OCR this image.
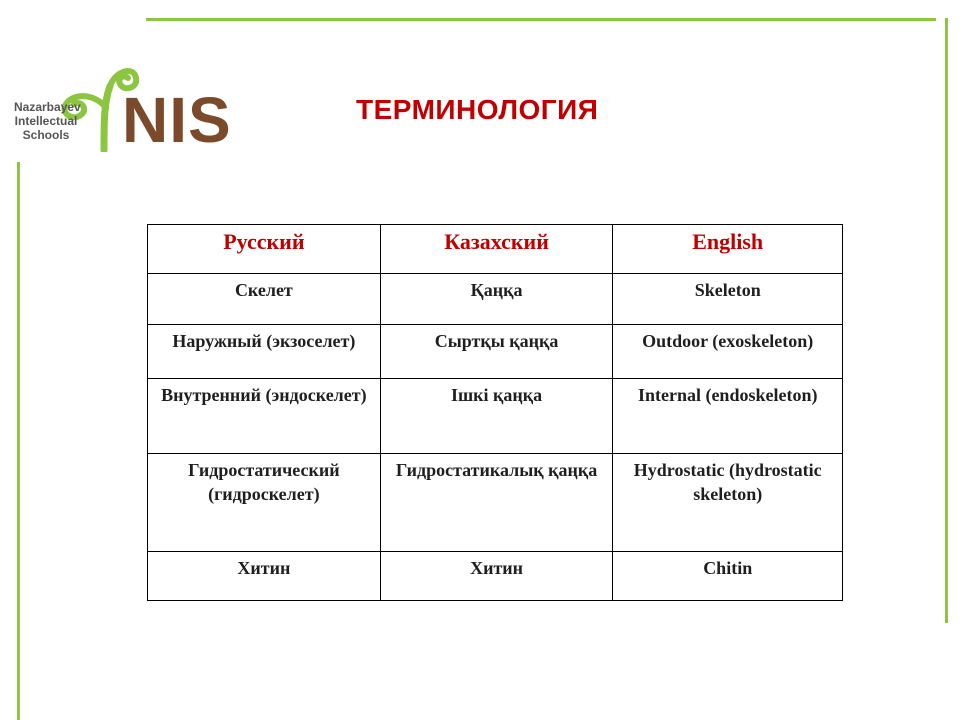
Nazarbayev
Intellectual
Schools NIS	ТЕРМИНОЛОГИЯ
Русский	Казахский	English
Скелет	Қаңқа	Skeleton
Наружный (экзоселет)	Сыртқы қаңқа	Outdoor (exoskeleton)
Внутренний (эндоскелет)	Ішкі қаңқа	Internal (endoskeleton)
Гидростатический (гидроскелет)	Гидростатикалық қаңқа	Hydrostatic (hydrostatic skeleton)
Хитин	Хитин	Chitin
